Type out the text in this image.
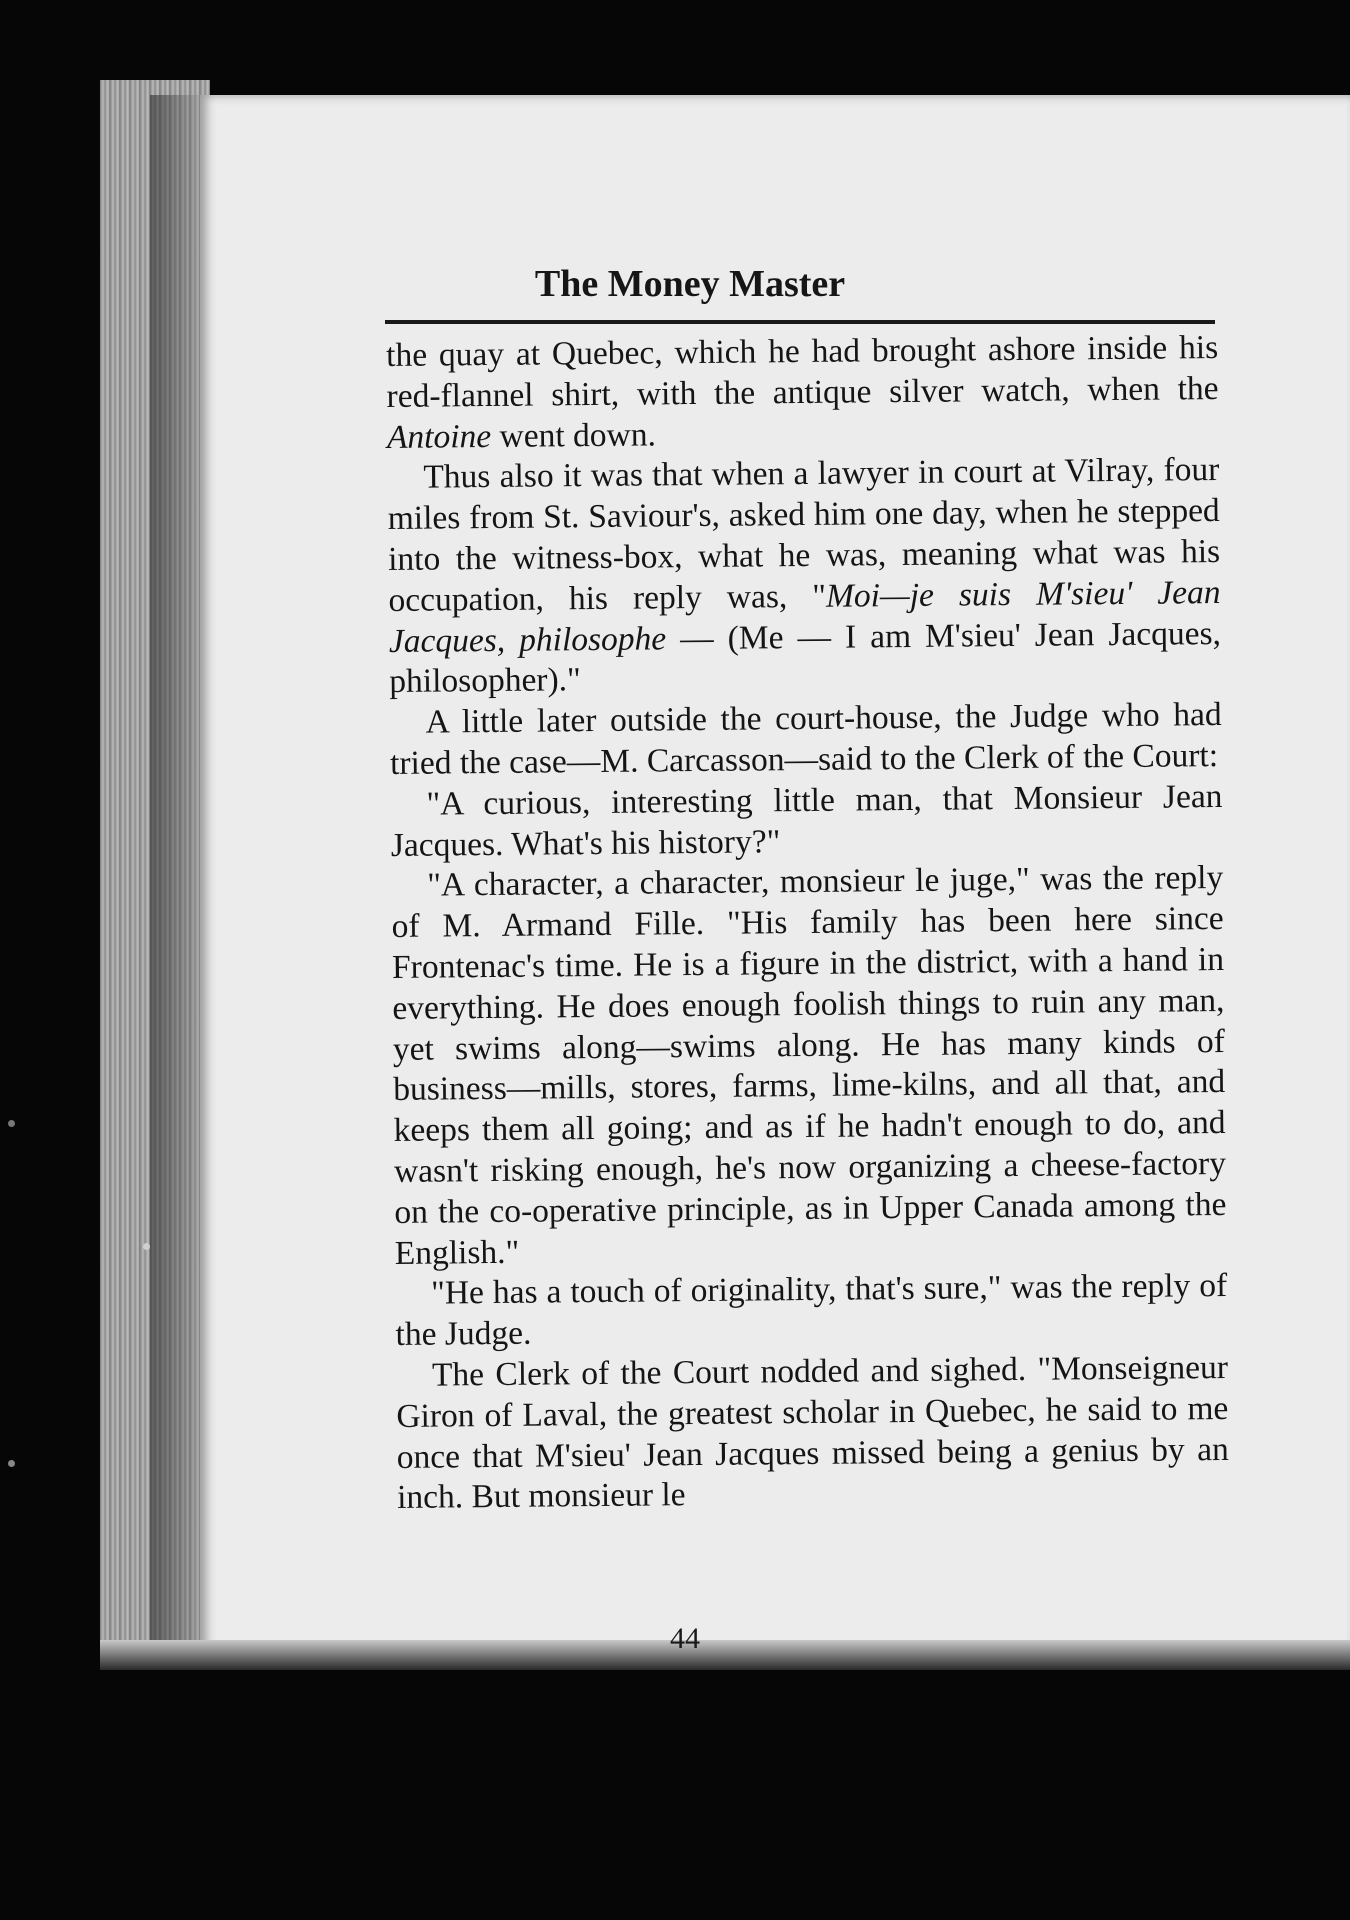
The Money Master

the quay at Quebec, which he had brought ashore inside his red-flannel shirt, with the antique silver watch, when the Antoine went down.

Thus also it was that when a lawyer in court at Vilray, four miles from St. Saviour's, asked him one day, when he stepped into the witness-box, what he was, meaning what was his occupation, his reply was, "Moi—je suis M'sieu' Jean Jacques, philosophe — (Me — I am M'sieu' Jean Jacques, philosopher)."

A little later outside the court-house, the Judge who had tried the case—M. Carcasson—said to the Clerk of the Court:

"A curious, interesting little man, that Monsieur Jean Jacques. What's his history?"

"A character, a character, monsieur le juge," was the reply of M. Armand Fille. "His family has been here since Frontenac's time. He is a figure in the district, with a hand in everything. He does enough foolish things to ruin any man, yet swims along—swims along. He has many kinds of business—mills, stores, farms, lime-kilns, and all that, and keeps them all going; and as if he hadn't enough to do, and wasn't risking enough, he's now organizing a cheese-factory on the co-operative principle, as in Upper Canada among the English."

"He has a touch of originality, that's sure," was the reply of the Judge.

The Clerk of the Court nodded and sighed. "Monseigneur Giron of Laval, the greatest scholar in Quebec, he said to me once that M'sieu' Jean Jacques missed being a genius by an inch. But monsieur le

44
